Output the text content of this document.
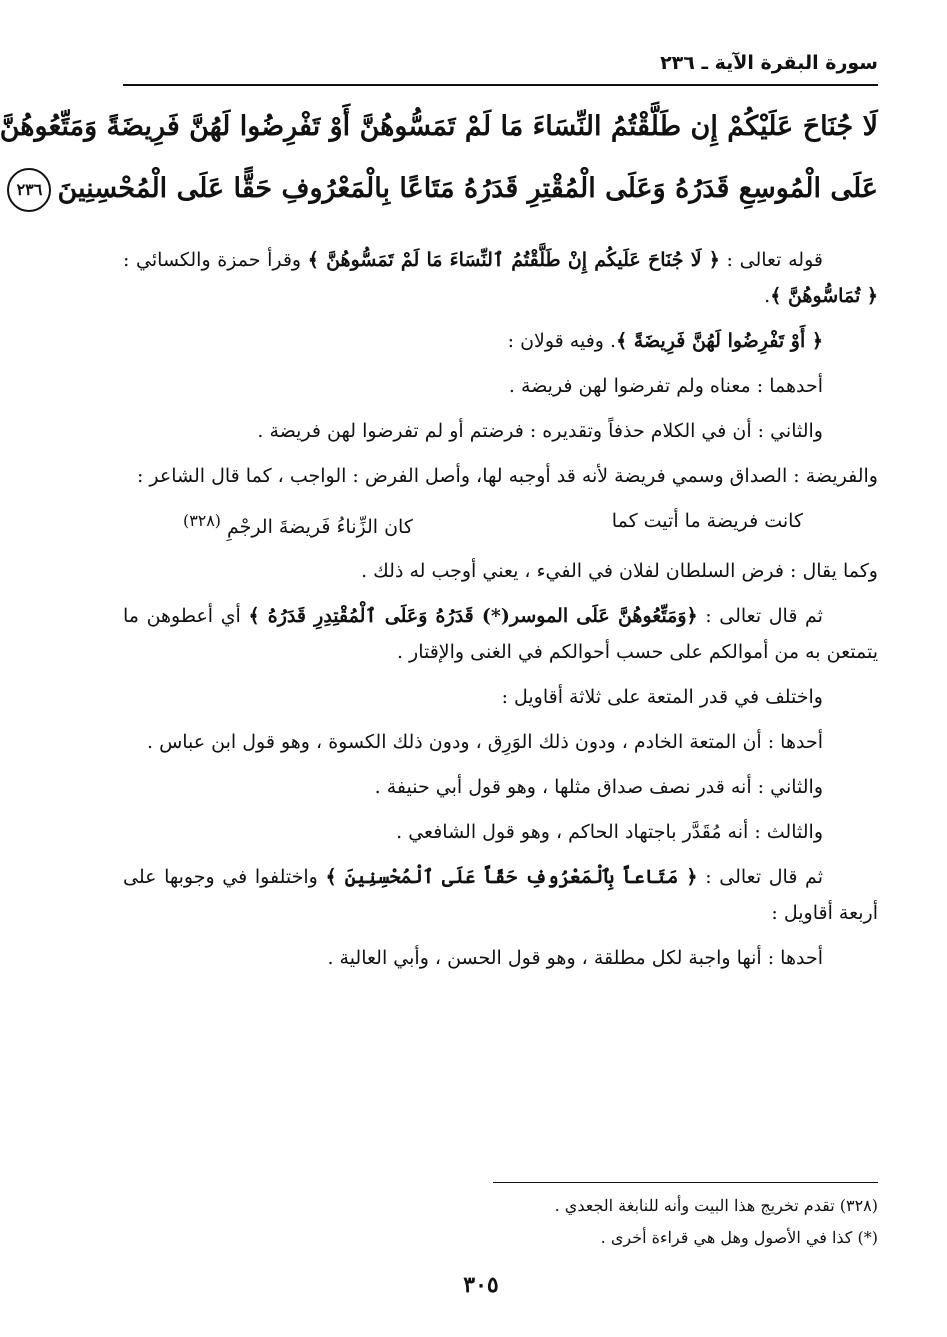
سورة البقرة الآية ـ ٢٣٦
لَا جُنَاحَ عَلَيْكُمْ إِن طَلَّقْتُمُ النِّسَاءَ مَا لَمْ تَمَسُّوهُنَّ أَوْ تَفْرِضُوا لَهُنَّ فَرِيضَةً وَمَتِّعُوهُنَّ
عَلَى الْمُوسِعِ قَدَرُهُ وَعَلَى الْمُقْتِرِ قَدَرُهُ مَتَاعًا بِالْمَعْرُوفِ حَقًّا عَلَى الْمُحْسِنِينَ٢٣٦

قوله تعالى : ﴿ لَا جُنَاحَ عَلَيكُم إِنْ طَلَّقْتُمُ ٱلنِّسَاءَ مَا لَمْ تَمَسُّوهُنَّ ﴾ وقرأ حمزة والكسائي : ﴿ تُمَاسُّوهُنَّ ﴾.

﴿ أَوْ تَفْرِضُوا لَهُنَّ فَرِيضَةً ﴾. وفيه قولان :

أحدهما : معناه ولم تفرضوا لهن فريضة .

والثاني : أن في الكلام حذفاً وتقديره : فرضتم أو لم تفرضوا لهن فريضة .

والفريضة : الصداق وسمي فريضة لأنه قد أوجبه لها، وأصل الفرض : الواجب ، كما قال الشاعر :

كانت فريضة ما أتيت كما
كان الزِّناءُ فَريضةَ الرجْمِ $^{(٣٢٨)}$

وكما يقال : فرض السلطان لفلان في الفيء ، يعني أوجب له ذلك .

ثم قال تعالى : ﴿وَمَتِّعُوهُنَّ عَلَى الموسر(*) قَدَرُهُ وَعَلَى ٱلْمُقْتِدِرِ قَدَرُهُ ﴾ أي أعطوهن ما يتمتعن به من أموالكم على حسب أحوالكم في الغنى والإقتار .

واختلف في قدر المتعة على ثلاثة أقاويل :

أحدها : أن المتعة الخادم ، ودون ذلك الوَرِق ، ودون ذلك الكسوة ، وهو قول ابن عباس .

والثاني : أنه قدر نصف صداق مثلها ، وهو قول أبي حنيفة .

والثالث : أنه مُقَدَّر باجتهاد الحاكم ، وهو قول الشافعي .

ثم قال تعالى : ﴿ مَتَاعاً بِٱلْمَعْرُوفِ حَقّاً عَلَى ٱلْمُحْسِنِينَ ﴾ واختلفوا في وجوبها على أربعة أقاويل :

أحدها : أنها واجبة لكل مطلقة ، وهو قول الحسن ، وأبي العالية .

(٣٢٨) تقدم تخريج هذا البيت وأنه للنابغة الجعدي .

(*) كذا في الأصول وهل هي قراءة أخرى .

٣٠٥
